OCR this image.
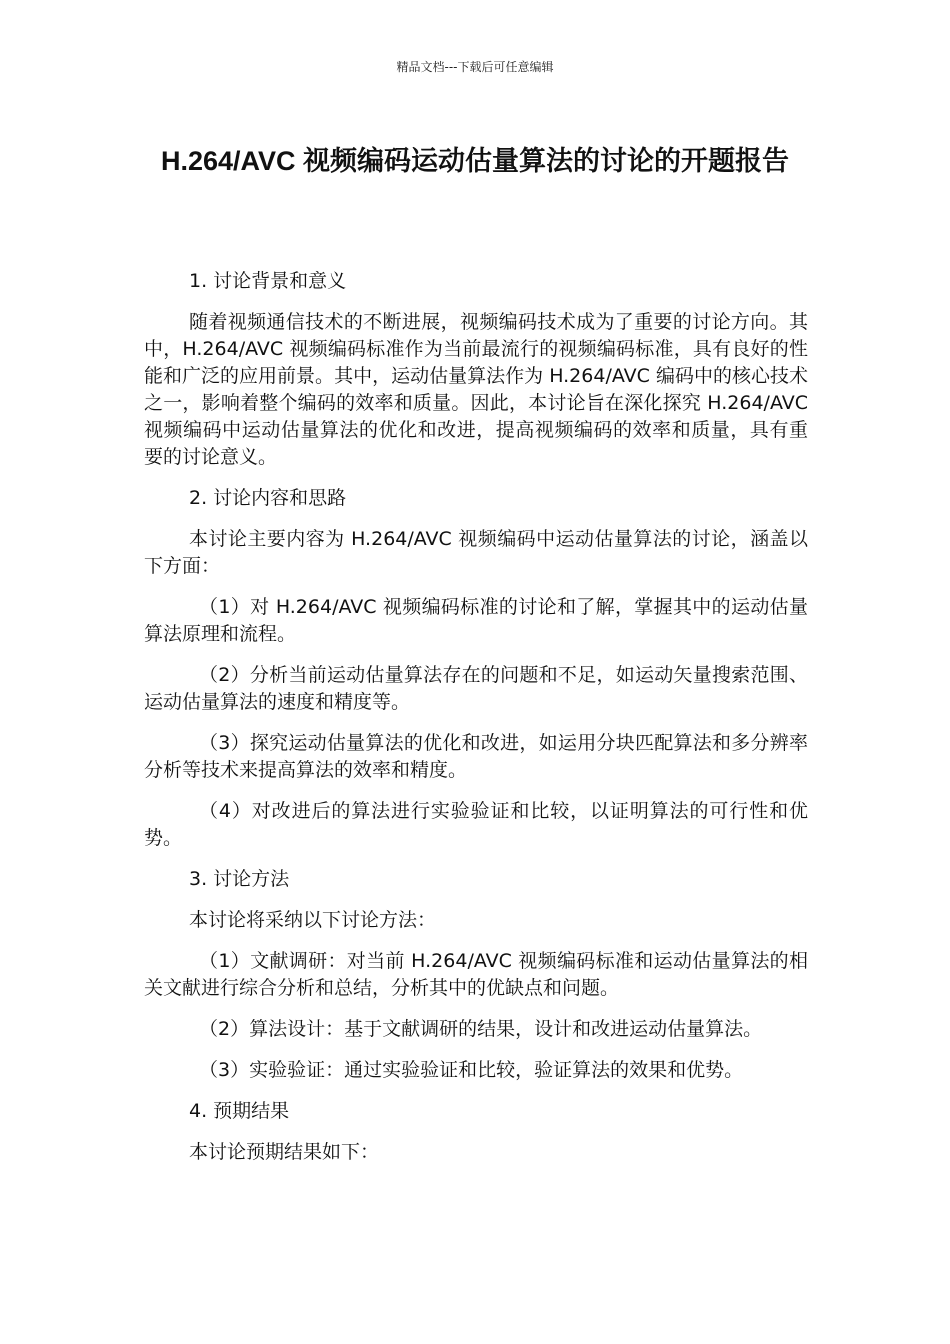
精品文档---下载后可任意编辑
H.264/AVC 视频编码运动估量算法的讨论的开题报告

1. 讨论背景和意义

随着视频通信技术的不断进展，视频编码技术成为了重要的讨论方向。其中，H.264/AVC 视频编码标准作为当前最流行的视频编码标准，具有良好的性能和广泛的应用前景。其中，运动估量算法作为 H.264/AVC 编码中的核心技术之一，影响着整个编码的效率和质量。因此，本讨论旨在深化探究 H.264/AVC 视频编码中运动估量算法的优化和改进，提高视频编码的效率和质量，具有重要的讨论意义。

2. 讨论内容和思路

本讨论主要内容为 H.264/AVC 视频编码中运动估量算法的讨论，涵盖以下方面：

（1）对 H.264/AVC 视频编码标准的讨论和了解，掌握其中的运动估量算法原理和流程。

（2）分析当前运动估量算法存在的问题和不足，如运动矢量搜索范围、运动估量算法的速度和精度等。

（3）探究运动估量算法的优化和改进，如运用分块匹配算法和多分辨率分析等技术来提高算法的效率和精度。

（4）对改进后的算法进行实验验证和比较，以证明算法的可行性和优势。

3. 讨论方法

本讨论将采纳以下讨论方法：

（1）文献调研：对当前 H.264/AVC 视频编码标准和运动估量算法的相关文献进行综合分析和总结，分析其中的优缺点和问题。

（2）算法设计：基于文献调研的结果，设计和改进运动估量算法。

（3）实验验证：通过实验验证和比较，验证算法的效果和优势。

4. 预期结果

本讨论预期结果如下：
